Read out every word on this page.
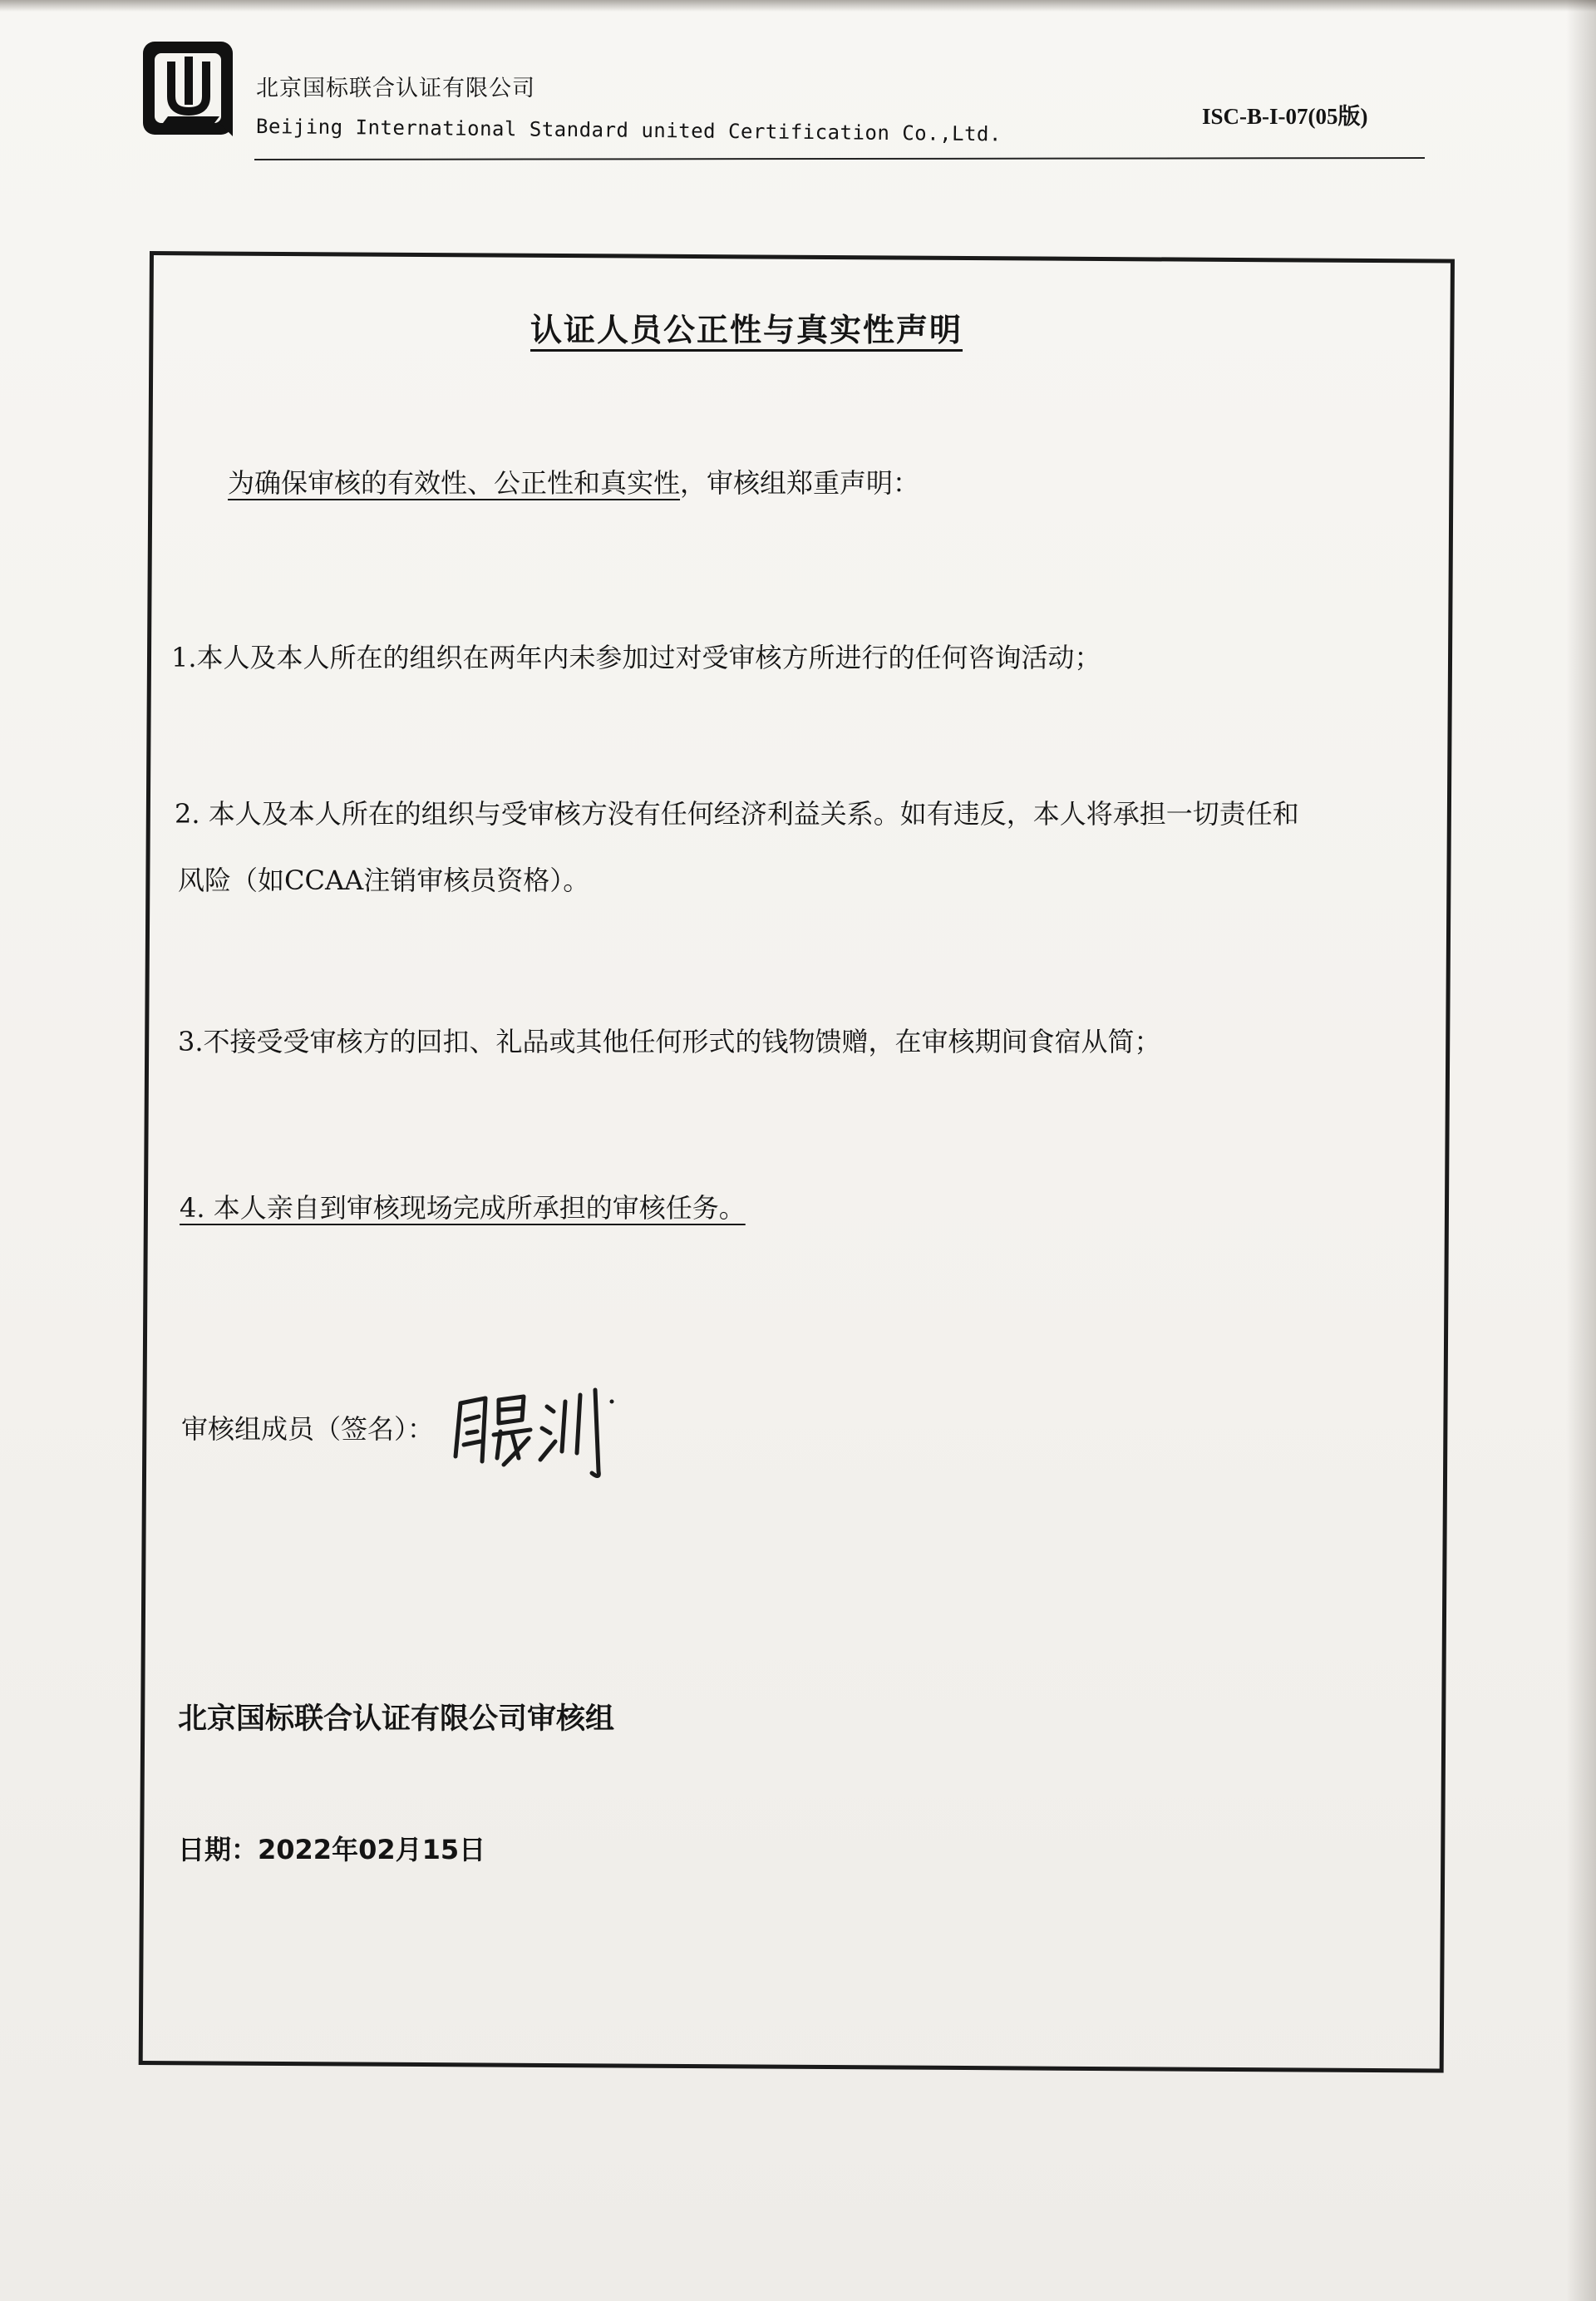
北京国标联合认证有限公司
Beijing International Standard united Certification Co.,Ltd.	ISC-B-I-07(05版)
认证人员公正性与真实性声明
为确保审核的有效性、公正性和真实性，审核组郑重声明：
1.本人及本人所在的组织在两年内未参加过对受审核方所进行的任何咨询活动；
2. 本人及本人所在的组织与受审核方没有任何经济利益关系。如有违反，本人将承担一切责任和
风险（如CCAA注销审核员资格）。
3.不接受受审核方的回扣、礼品或其他任何形式的钱物馈赠，在审核期间食宿从简；
4. 本人亲自到审核现场完成所承担的审核任务。
审核组成员（签名）：
北京国标联合认证有限公司审核组
日期：2022年02月15日
